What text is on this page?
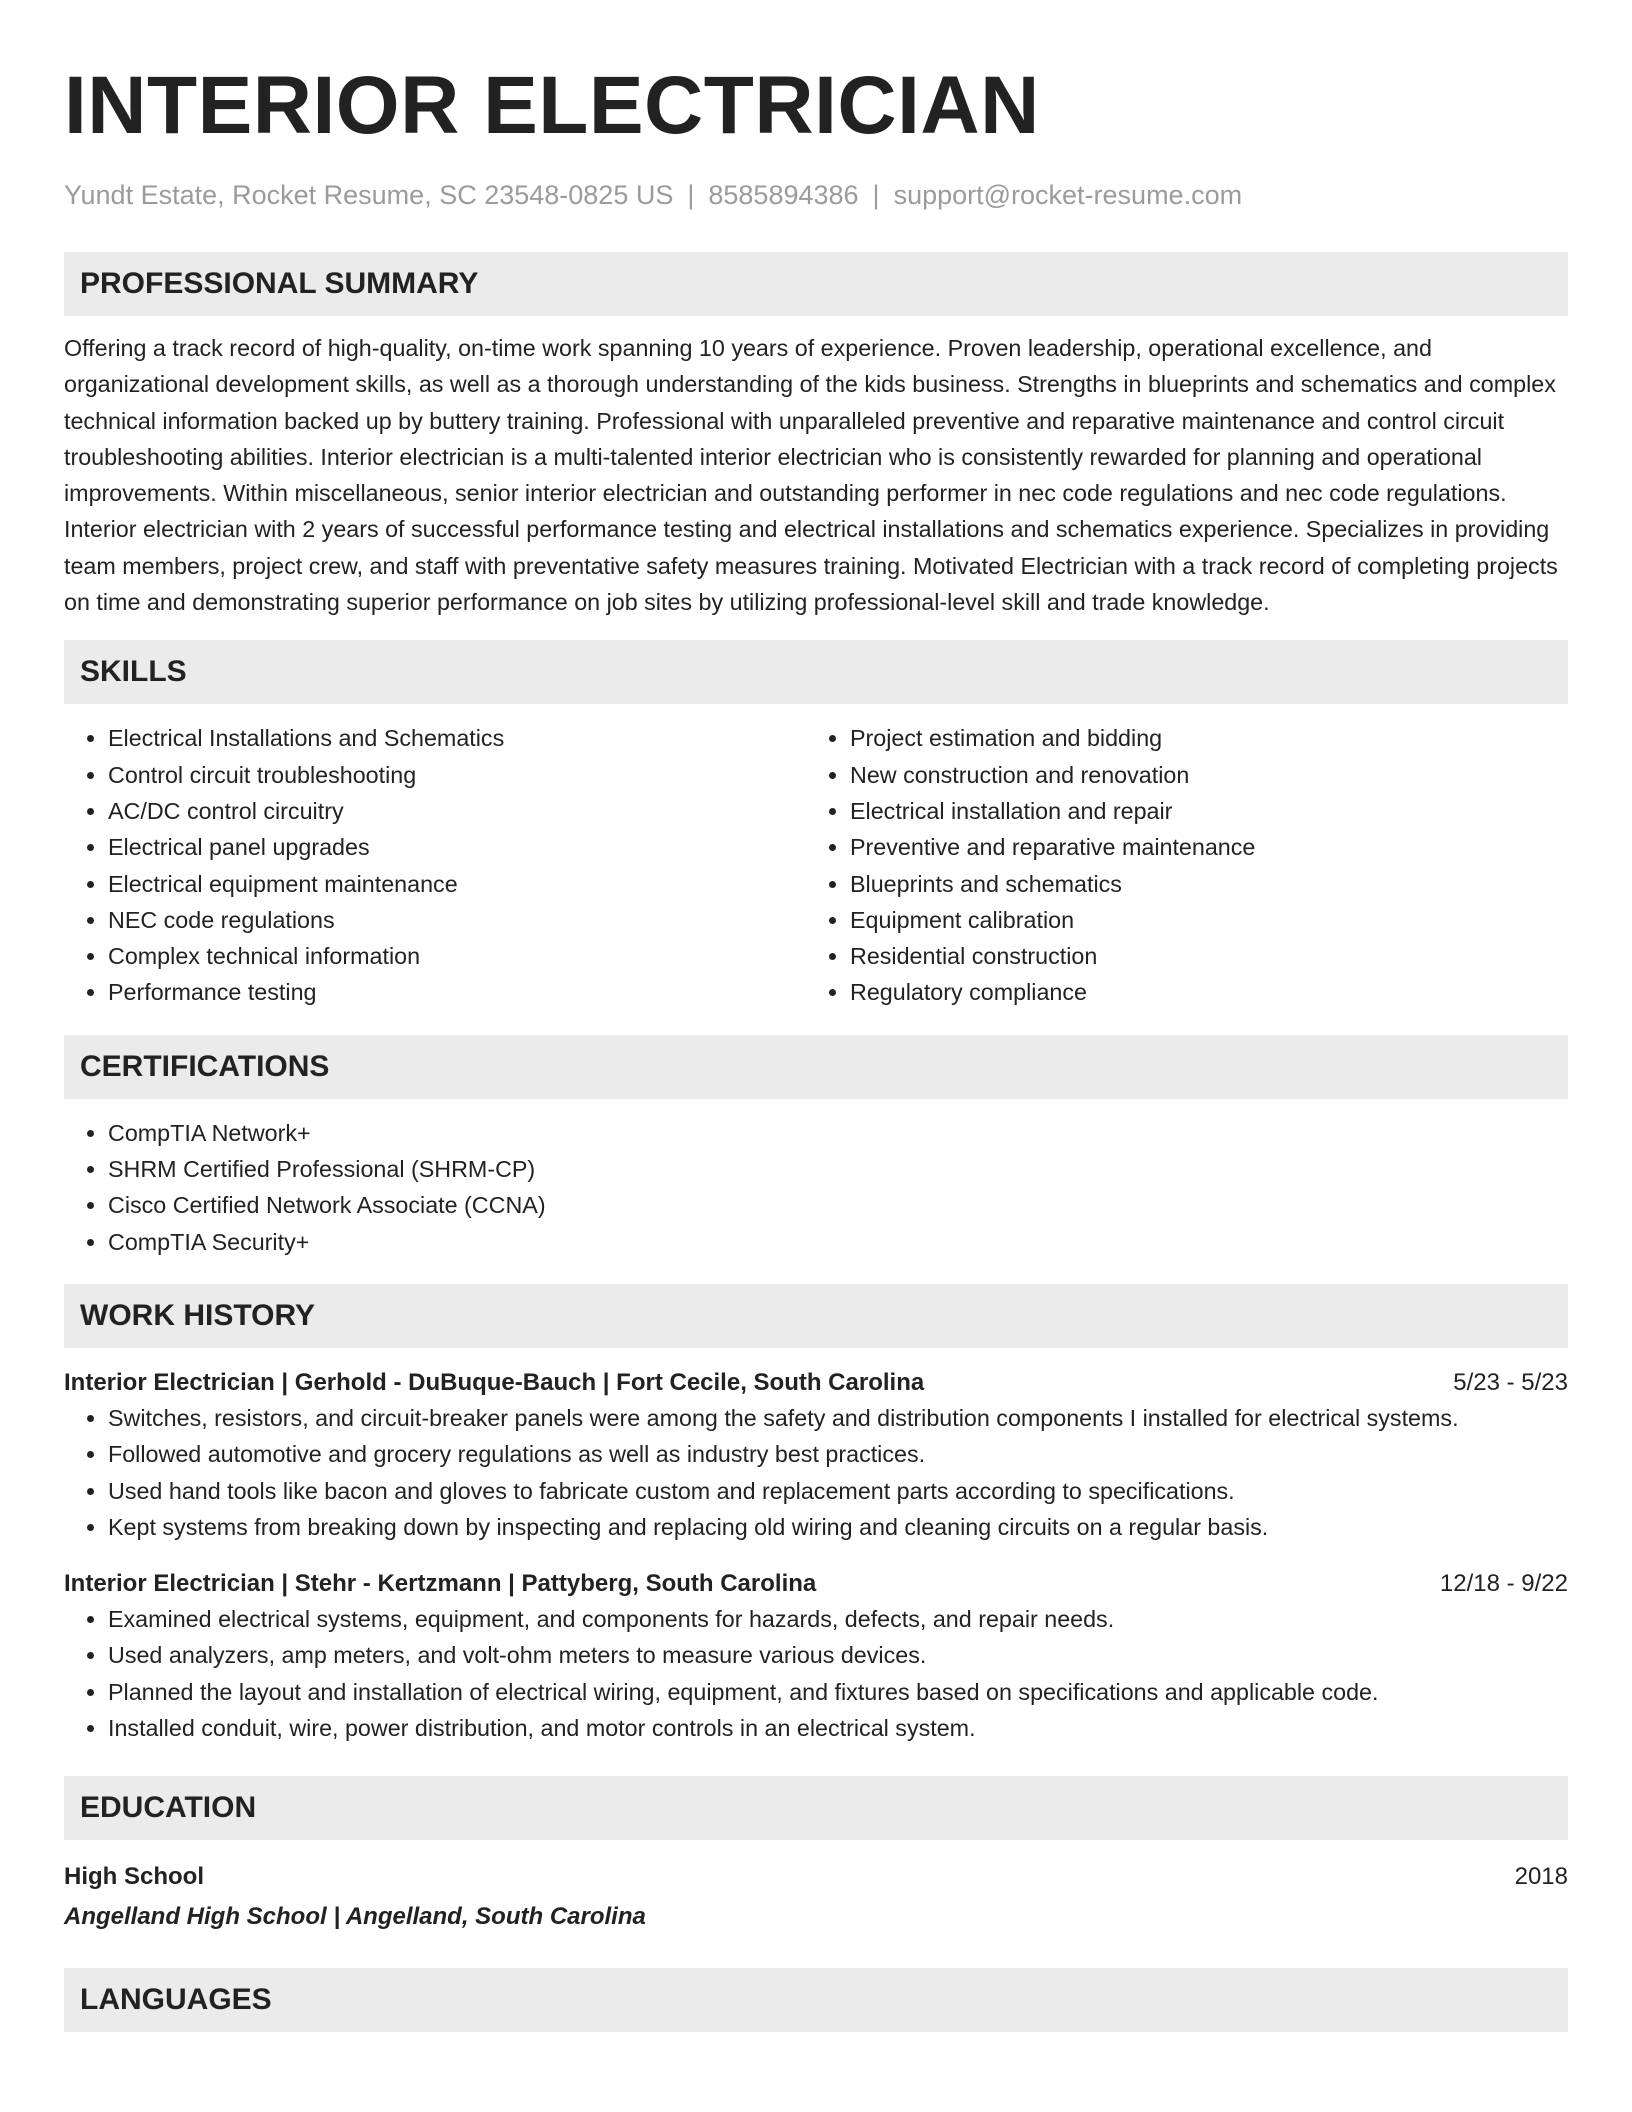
INTERIOR ELECTRICIAN
Yundt Estate, Rocket Resume, SC 23548-0825 US | 8585894386 | support@rocket-resume.com
PROFESSIONAL SUMMARY

Offering a track record of high-quality, on-time work spanning 10 years of experience. Proven leadership, operational excellence, and organizational development skills, as well as a thorough understanding of the kids business. Strengths in blueprints and schematics and complex technical information backed up by buttery training. Professional with unparalleled preventive and reparative maintenance and control circuit troubleshooting abilities. Interior electrician is a multi-talented interior electrician who is consistently rewarded for planning and operational improvements. Within miscellaneous, senior interior electrician and outstanding performer in nec code regulations and nec code regulations. Interior electrician with 2 years of successful performance testing and electrical installations and schematics experience. Specializes in providing team members, project crew, and staff with preventative safety measures training. Motivated Electrician with a track record of completing projects on time and demonstrating superior performance on job sites by utilizing professional-level skill and trade knowledge.

SKILLS
• Electrical Installations and Schematics
• Control circuit troubleshooting
• AC/DC control circuitry
• Electrical panel upgrades
• Electrical equipment maintenance
• NEC code regulations
• Complex technical information
• Performance testing
• Project estimation and bidding
• New construction and renovation
• Electrical installation and repair
• Preventive and reparative maintenance
• Blueprints and schematics
• Equipment calibration
• Residential construction
• Regulatory compliance
CERTIFICATIONS
• CompTIA Network+
• SHRM Certified Professional (SHRM-CP)
• Cisco Certified Network Associate (CCNA)
• CompTIA Security+
WORK HISTORY
Interior Electrician | Gerhold - DuBuque-Bauch | Fort Cecile, South Carolina	5/23 - 5/23
• Switches, resistors, and circuit-breaker panels were among the safety and distribution components I installed for electrical systems.
• Followed automotive and grocery regulations as well as industry best practices.
• Used hand tools like bacon and gloves to fabricate custom and replacement parts according to specifications.
• Kept systems from breaking down by inspecting and replacing old wiring and cleaning circuits on a regular basis.
Interior Electrician | Stehr - Kertzmann | Pattyberg, South Carolina	12/18 - 9/22
• Examined electrical systems, equipment, and components for hazards, defects, and repair needs.
• Used analyzers, amp meters, and volt-ohm meters to measure various devices.
• Planned the layout and installation of electrical wiring, equipment, and fixtures based on specifications and applicable code.
• Installed conduit, wire, power distribution, and motor controls in an electrical system.
EDUCATION
High School	2018
Angelland High School | Angelland, South Carolina
LANGUAGES
